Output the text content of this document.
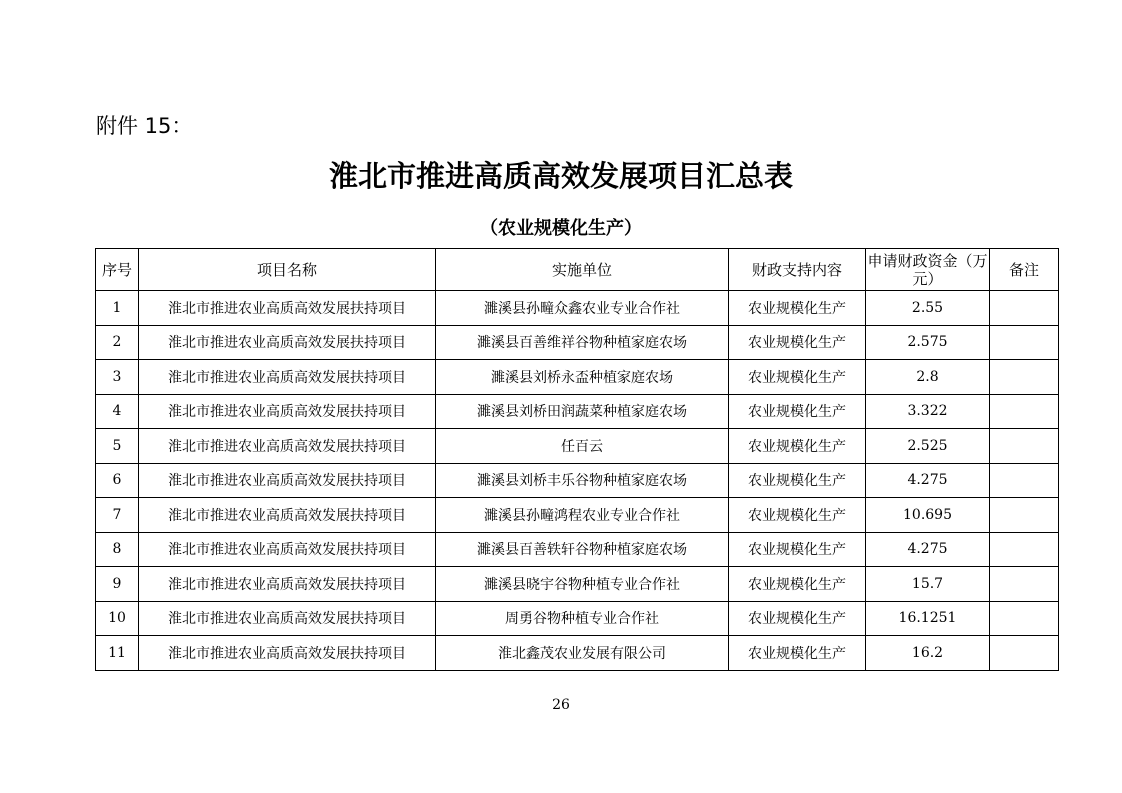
附件 15：
淮北市推进高质高效发展项目汇总表
（农业规模化生产）
序号	项目名称	实施单位	财政支持内容	申请财政资金（万元）	备注
1	淮北市推进农业高质高效发展扶持项目	濉溪县孙疃众鑫农业专业合作社	农业规模化生产	2.55	
2	淮北市推进农业高质高效发展扶持项目	濉溪县百善维祥谷物种植家庭农场	农业规模化生产	2.575	
3	淮北市推进农业高质高效发展扶持项目	濉溪县刘桥永盃种植家庭农场	农业规模化生产	2.8	
4	淮北市推进农业高质高效发展扶持项目	濉溪县刘桥田润蔬菜种植家庭农场	农业规模化生产	3.322	
5	淮北市推进农业高质高效发展扶持项目	任百云	农业规模化生产	2.525	
6	淮北市推进农业高质高效发展扶持项目	濉溪县刘桥丰乐谷物种植家庭农场	农业规模化生产	4.275	
7	淮北市推进农业高质高效发展扶持项目	濉溪县孙疃鸿程农业专业合作社	农业规模化生产	10.695	
8	淮北市推进农业高质高效发展扶持项目	濉溪县百善轶轩谷物种植家庭农场	农业规模化生产	4.275	
9	淮北市推进农业高质高效发展扶持项目	濉溪县晓宇谷物种植专业合作社	农业规模化生产	15.7	
10	淮北市推进农业高质高效发展扶持项目	周勇谷物种植专业合作社	农业规模化生产	16.1251	
11	淮北市推进农业高质高效发展扶持项目	淮北鑫茂农业发展有限公司	农业规模化生产	16.2	
26
